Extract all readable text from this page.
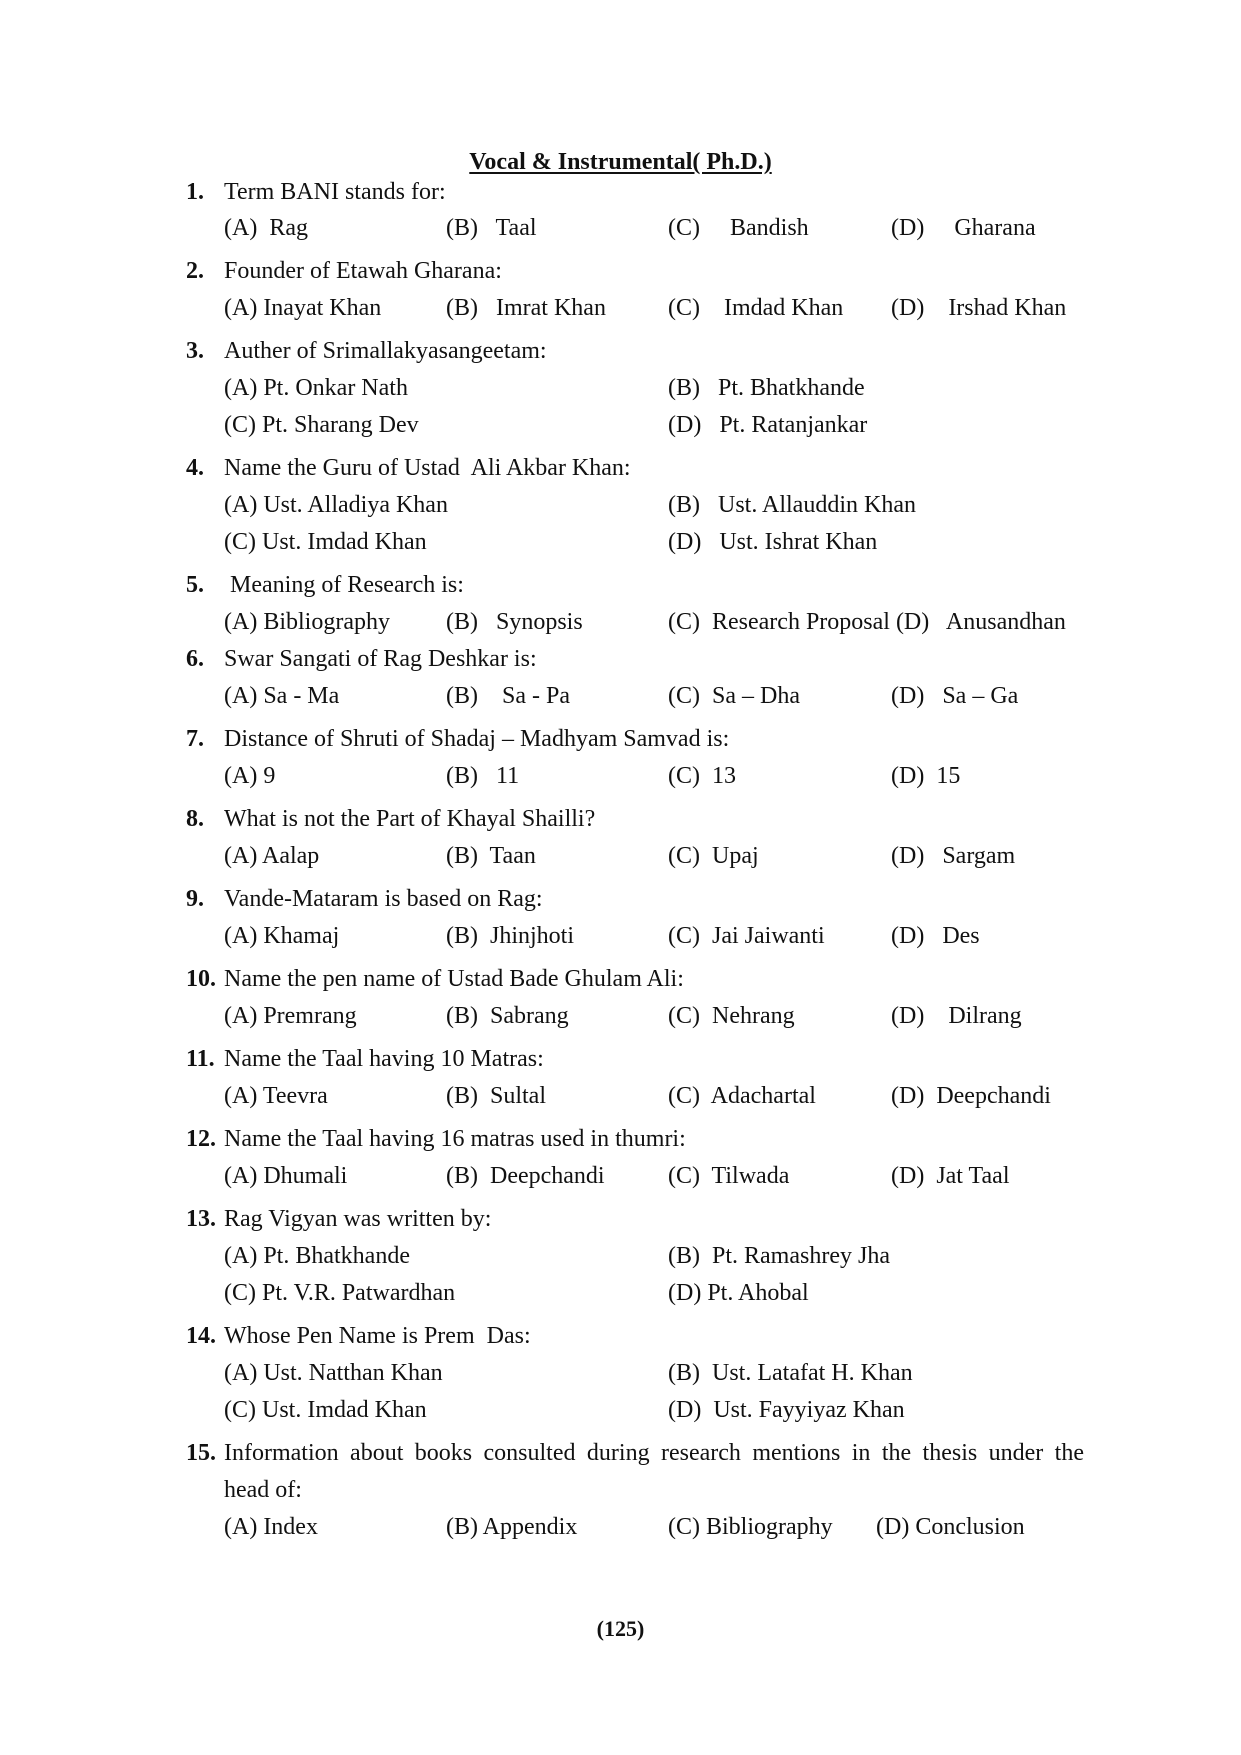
Vocal & Instrumental( Ph.D.)
1. Term BANI stands for:
(A)  Rag	(B)   Taal	(C)     Bandish	(D)     Gharana
2. Founder of Etawah Gharana:
(A) Inayat Khan	(B)   Imrat Khan	(C)    Imdad Khan (D)    Irshad Khan
3. Auther of Srimallakyasangeetam:
(A) Pt. Onkar Nath	(B)   Pt. Bhatkhande
(C) Pt. Sharang Dev	(D)   Pt. Ratanjankar
4. Name the Guru of Ustad  Ali Akbar Khan:
(A) Ust. Alladiya Khan	(B)   Ust. Allauddin Khan
(C) Ust. Imdad Khan	(D)   Ust. Ishrat Khan
5. Meaning of Research is:
(A) Bibliography (B)   Synopsis	(C)  Research Proposal (D)   Anusandhan
6. Swar Sangati of Rag Deshkar is:
(A) Sa - Ma	(B)    Sa - Pa	(C)  Sa – Dha	(D)   Sa – Ga
7. Distance of Shruti of Shadaj – Madhyam Samvad is:
(A) 9	(B)   11	(C)  13	(D)  15
8. What is not the Part of Khayal Shailli?
(A) Aalap	(B)  Taan	(C)  Upaj	(D)   Sargam
9. Vande-Mataram is based on Rag:
(A) Khamaj	(B)  Jhinjhoti	(C)  Jai Jaiwanti	(D)   Des
10. Name the pen name of Ustad Bade Ghulam Ali:
(A) Premrang	(B)  Sabrang	(C)  Nehrang	(D)    Dilrang
11. Name the Taal having 10 Matras:
(A) Teevra	(B)  Sultal	(C)  Adachartal	(D)  Deepchandi
12. Name the Taal having 16 matras used in thumri:
(A) Dhumali	(B)  Deepchandi	(C)  Tilwada	(D)  Jat Taal
13. Rag Vigyan was written by:
(A) Pt. Bhatkhande	(B)  Pt. Ramashrey Jha
(C) Pt. V.R. Patwardhan	(D) Pt. Ahobal
14. Whose Pen Name is Prem  Das:
(A) Ust. Natthan Khan	(B)  Ust. Latafat H. Khan
(C) Ust. Imdad Khan	(D)  Ust. Fayyiyaz Khan
15. Information about books consulted during research mentions in the thesis under the
head of:
(A) Index	(B) Appendix	(C) Bibliography (D) Conclusion
(125)
